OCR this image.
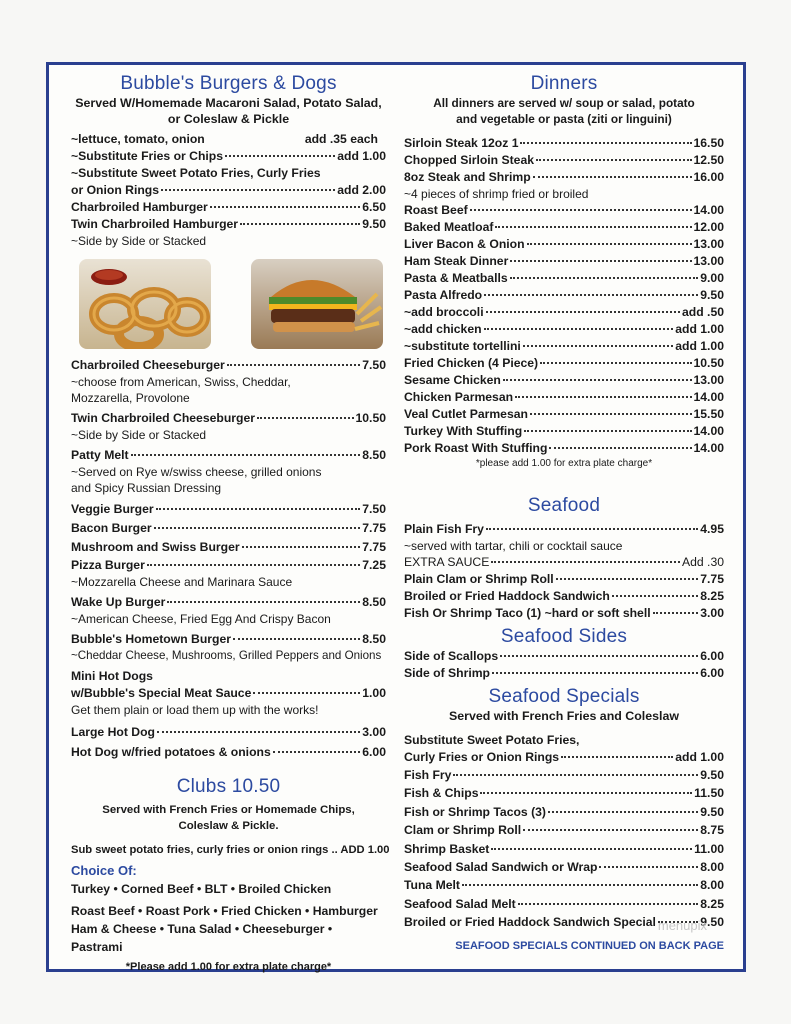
Bubble's Burgers & Dogs
Served W/Homemade Macaroni Salad, Potato Salad,
or Coleslaw & Pickle
~lettuce, tomato, onion	add .35 each
~Substitute Fries or Chips	add 1.00
~Substitute Sweet Potato Fries, Curly Fries
or Onion Rings	add 2.00
Charbroiled Hamburger	6.50
Twin Charbroiled Hamburger	9.50
~Side by Side or Stacked
Charbroiled Cheeseburger	7.50
~choose from American, Swiss, Cheddar,
Mozzarella, Provolone
Twin Charbroiled Cheeseburger	10.50
~Side by Side or Stacked
Patty Melt	8.50
~Served on Rye w/swiss cheese, grilled onions
and Spicy Russian Dressing
Veggie Burger	7.50
Bacon Burger	7.75
Mushroom and Swiss Burger	7.75
Pizza Burger	7.25
~Mozzarella Cheese and Marinara Sauce
Wake Up Burger	8.50
~American Cheese, Fried Egg And Crispy Bacon
Bubble's Hometown Burger	8.50
~Cheddar Cheese, Mushrooms, Grilled Peppers and Onions
Mini Hot Dogs
w/Bubble's Special Meat Sauce	1.00
Get them plain or load them up with the works!
Large Hot Dog	3.00
Hot Dog w/fried potatoes & onions	6.00
Clubs 10.50
Served with French Fries or Homemade Chips,
Coleslaw & Pickle.
Sub sweet potato fries, curly fries or onion rings .. ADD 1.00
Choice Of:
Turkey • Corned Beef • BLT • Broiled Chicken
Roast Beef • Roast Pork • Fried Chicken • Hamburger
Ham & Cheese • Tuna Salad • Cheeseburger • Pastrami
*Please add 1.00 for extra plate charge*
Dinners
All dinners are served w/ soup or salad, potato
and vegetable or pasta (ziti or linguini)
Sirloin Steak 12oz 1	16.50
Chopped Sirloin Steak	12.50
8oz Steak and Shrimp	16.00
~4 pieces of shrimp fried or broiled
Roast Beef	14.00
Baked Meatloaf	12.00
Liver Bacon & Onion	13.00
Ham Steak Dinner	13.00
Pasta & Meatballs	9.00
Pasta Alfredo	9.50
~add broccoli	add .50
~add chicken	add 1.00
~substitute tortellini	add 1.00
Fried Chicken (4 Piece)	10.50
Sesame Chicken	13.00
Chicken Parmesan	14.00
Veal Cutlet Parmesan	15.50
Turkey With Stuffing	14.00
Pork Roast With Stuffing	14.00
*please add 1.00 for extra plate charge*
Seafood
Plain Fish Fry	4.95
~served with tartar, chili or cocktail sauce
EXTRA SAUCE	Add .30
Plain Clam or Shrimp Roll	7.75
Broiled or Fried Haddock Sandwich	8.25
Fish Or Shrimp Taco (1) ~hard or soft shell	3.00
Seafood Sides
Side of Scallops	6.00
Side of Shrimp	6.00
Seafood Specials
Served with French Fries and Coleslaw
Substitute Sweet Potato Fries,
Curly Fries or Onion Rings	add 1.00
Fish Fry	9.50
Fish & Chips	11.50
Fish or Shrimp Tacos (3)	9.50
Clam or Shrimp Roll	8.75
Shrimp Basket	11.00
Seafood Salad Sandwich or Wrap	8.00
Tuna Melt	8.00
Seafood Salad Melt	8.25
Broiled or Fried Haddock Sandwich Special	9.50
SEAFOOD SPECIALS CONTINUED ON BACK PAGE
menupix
